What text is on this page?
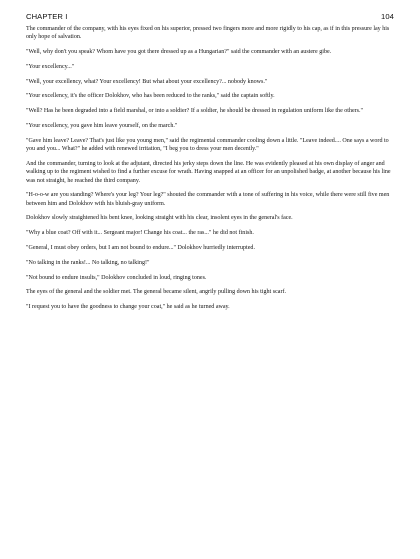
CHAPTER I	104

The commander of the company, with his eyes fixed on his superior, pressed two fingers more and more rigidly to his cap, as if in this pressure lay his only hope of salvation.

"Well, why don't you speak? Whom have you got there dressed up as a Hungarian?" said the commander with an austere gibe.

"Your excellency..."

"Well, your excellency, what? Your excellency! But what about your excellency?... nobody knows."

"Your excellency, it's the officer Dolokhov, who has been reduced to the ranks," said the captain softly.

"Well? Has he been degraded into a field marshal, or into a soldier? If a soldier, he should be dressed in regulation uniform like the others."

"Your excellency, you gave him leave yourself, on the march."

"Gave him leave? Leave? That's just like you young men," said the regimental commander cooling down a little. "Leave indeed.... One says a word to you and you... What?" he added with renewed irritation, "I beg you to dress your men decently."

And the commander, turning to look at the adjutant, directed his jerky steps down the line. He was evidently pleased at his own display of anger and walking up to the regiment wished to find a further excuse for wrath. Having snapped at an officer for an unpolished badge, at another because his line was not straight, he reached the third company.

"H-o-o-w are you standing? Where's your leg? Your leg?" shouted the commander with a tone of suffering in his voice, while there were still five men between him and Dolokhov with his bluish-gray uniform.

Dolokhov slowly straightened his bent knee, looking straight with his clear, insolent eyes in the general's face.

"Why a blue coat? Off with it... Sergeant major! Change his coat... the ras..." he did not finish.

"General, I must obey orders, but I am not bound to endure..." Dolokhov hurriedly interrupted.

"No talking in the ranks!... No talking, no talking!"

"Not bound to endure insults," Dolokhov concluded in loud, ringing tones.

The eyes of the general and the soldier met. The general became silent, angrily pulling down his tight scarf.

"I request you to have the goodness to change your coat," he said as he turned away.
